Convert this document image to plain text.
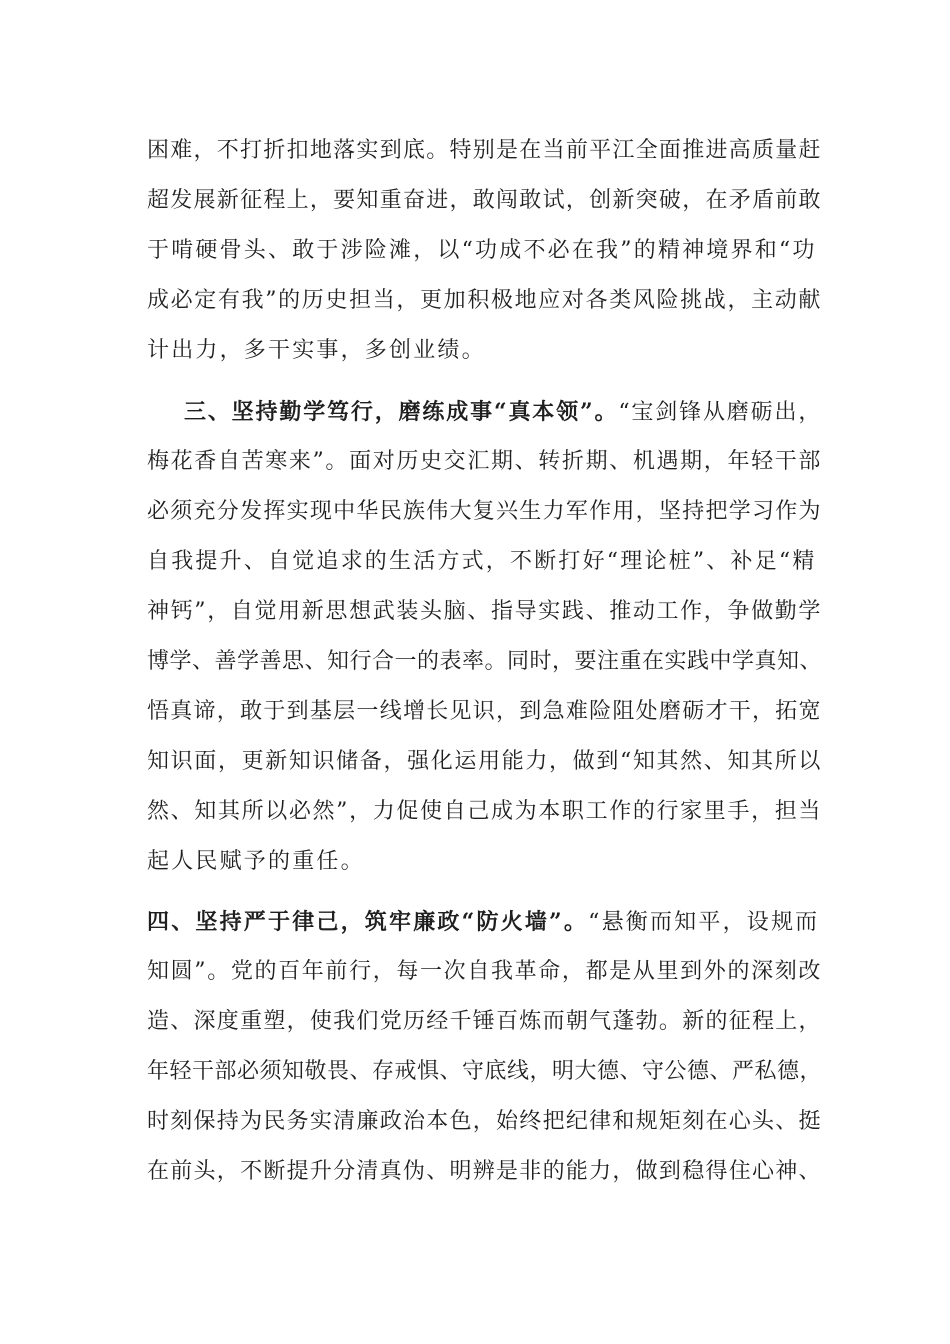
困难，不打折扣地落实到底。特别是在当前平江全面推进高质量赶
超发展新征程上，要知重奋进，敢闯敢试，创新突破，在矛盾前敢
于啃硬骨头、敢于涉险滩，以“功成不必在我”的精神境界和“功
成必定有我”的历史担当，更加积极地应对各类风险挑战，主动献
计出力，多干实事，多创业绩。
三、坚持勤学笃行，磨练成事“真本领”。“宝剑锋从磨砺出，
梅花香自苦寒来”。面对历史交汇期、转折期、机遇期，年轻干部
必须充分发挥实现中华民族伟大复兴生力军作用，坚持把学习作为
自我提升、自觉追求的生活方式，不断打好“理论桩”、补足“精
神钙”，自觉用新思想武装头脑、指导实践、推动工作，争做勤学
博学、善学善思、知行合一的表率。同时，要注重在实践中学真知、
悟真谛，敢于到基层一线增长见识，到急难险阻处磨砺才干，拓宽
知识面，更新知识储备，强化运用能力，做到“知其然、知其所以
然、知其所以必然”，力促使自己成为本职工作的行家里手，担当
起人民赋予的重任。
四、坚持严于律己，筑牢廉政“防火墙”。“悬衡而知平，设规而
知圆”。党的百年前行，每一次自我革命，都是从里到外的深刻改
造、深度重塑，使我们党历经千锤百炼而朝气蓬勃。新的征程上，
年轻干部必须知敬畏、存戒惧、守底线，明大德、守公德、严私德，
时刻保持为民务实清廉政治本色，始终把纪律和规矩刻在心头、挺
在前头，不断提升分清真伪、明辨是非的能力，做到稳得住心神、
